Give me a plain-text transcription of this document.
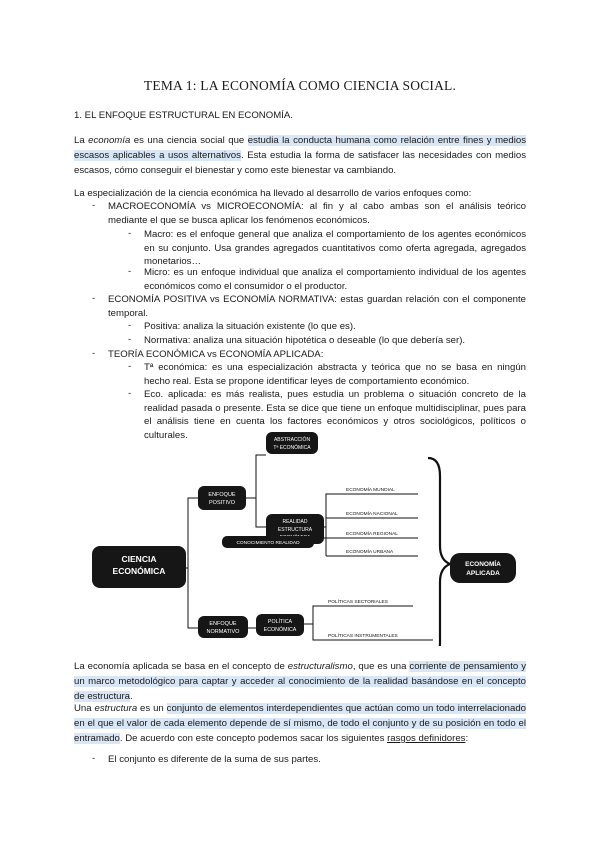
TEMA 1: LA ECONOMÍA COMO CIENCIA SOCIAL.
1. EL ENFOQUE ESTRUCTURAL EN ECONOMÍA.
La economía es una ciencia social que estudia la conducta humana como relación entre fines y medios escasos aplicables a usos alternativos. Esta estudia la forma de satisfacer las necesidades con medios escasos, cómo conseguir el bienestar y como este bienestar va cambiando.
La especialización de la ciencia económica ha llevado al desarrollo de varios enfoques como:
- MACROECONOMÍA vs MICROECONOMÍA: al fin y al cabo ambas son el análisis teórico mediante el que se busca aplicar los fenómenos económicos.
- Macro: es el enfoque general que analiza el comportamiento de los agentes económicos en su conjunto. Usa grandes agregados cuantitativos como oferta agregada, agregados monetarios…
- Micro: es un enfoque individual que analiza el comportamiento individual de los agentes económicos como el consumidor o el productor.
- ECONOMÍA POSITIVA vs ECONOMÍA NORMATIVA: estas guardan relación con el componente temporal.
- Positiva: analiza la situación existente (lo que es).
- Normativa: analiza una situación hipotética o deseable (lo que debería ser).
- TEORÍA ECONÓMICA vs ECONOMÍA APLICADA:
- Tª económica: es una especialización abstracta y teórica que no se basa en ningún hecho real. Esta se propone identificar leyes de comportamiento económico.
- Eco. aplicada: es más realista, pues estudia un problema o situación concreto de la realidad pasada o presente. Esta se dice que tiene un enfoque multidisciplinar, pues para el análisis tiene en cuenta los factores económicos y otros sociológicos, políticos o culturales.
CIENCIA
ECONÓMICA
ENFOQUE
POSITIVO
ENFOQUE
NORMATIVO
ABSTRACCIÓN
Tª ECONÓMICA
REALIDAD
ESTRUCTURA
CONOCIMIENTO REALIDAD
POLÍTICA
ECONÓMICA
ECONOMÍA
APLICADA
ECONOMÍA MUNDIAL
ECONOMÍA NACIONAL
ECONOMÍA REGIONAL
ECONOMÍA URBANA
POLÍTICAS SECTORIALES
POLÍTICAS INSTRUMENTALES
La economía aplicada se basa en el concepto de estructuralismo, que es una corriente de pensamiento y un marco metodológico para captar y acceder al conocimiento de la realidad basándose en el concepto de estructura.
Una estructura es un conjunto de elementos interdependientes que actúan como un todo interrelacionado en el que el valor de cada elemento depende de sí mismo, de todo el conjunto y de su posición en todo el entramado. De acuerdo con este concepto podemos sacar los siguientes rasgos definidores:
- El conjunto es diferente de la suma de sus partes.
